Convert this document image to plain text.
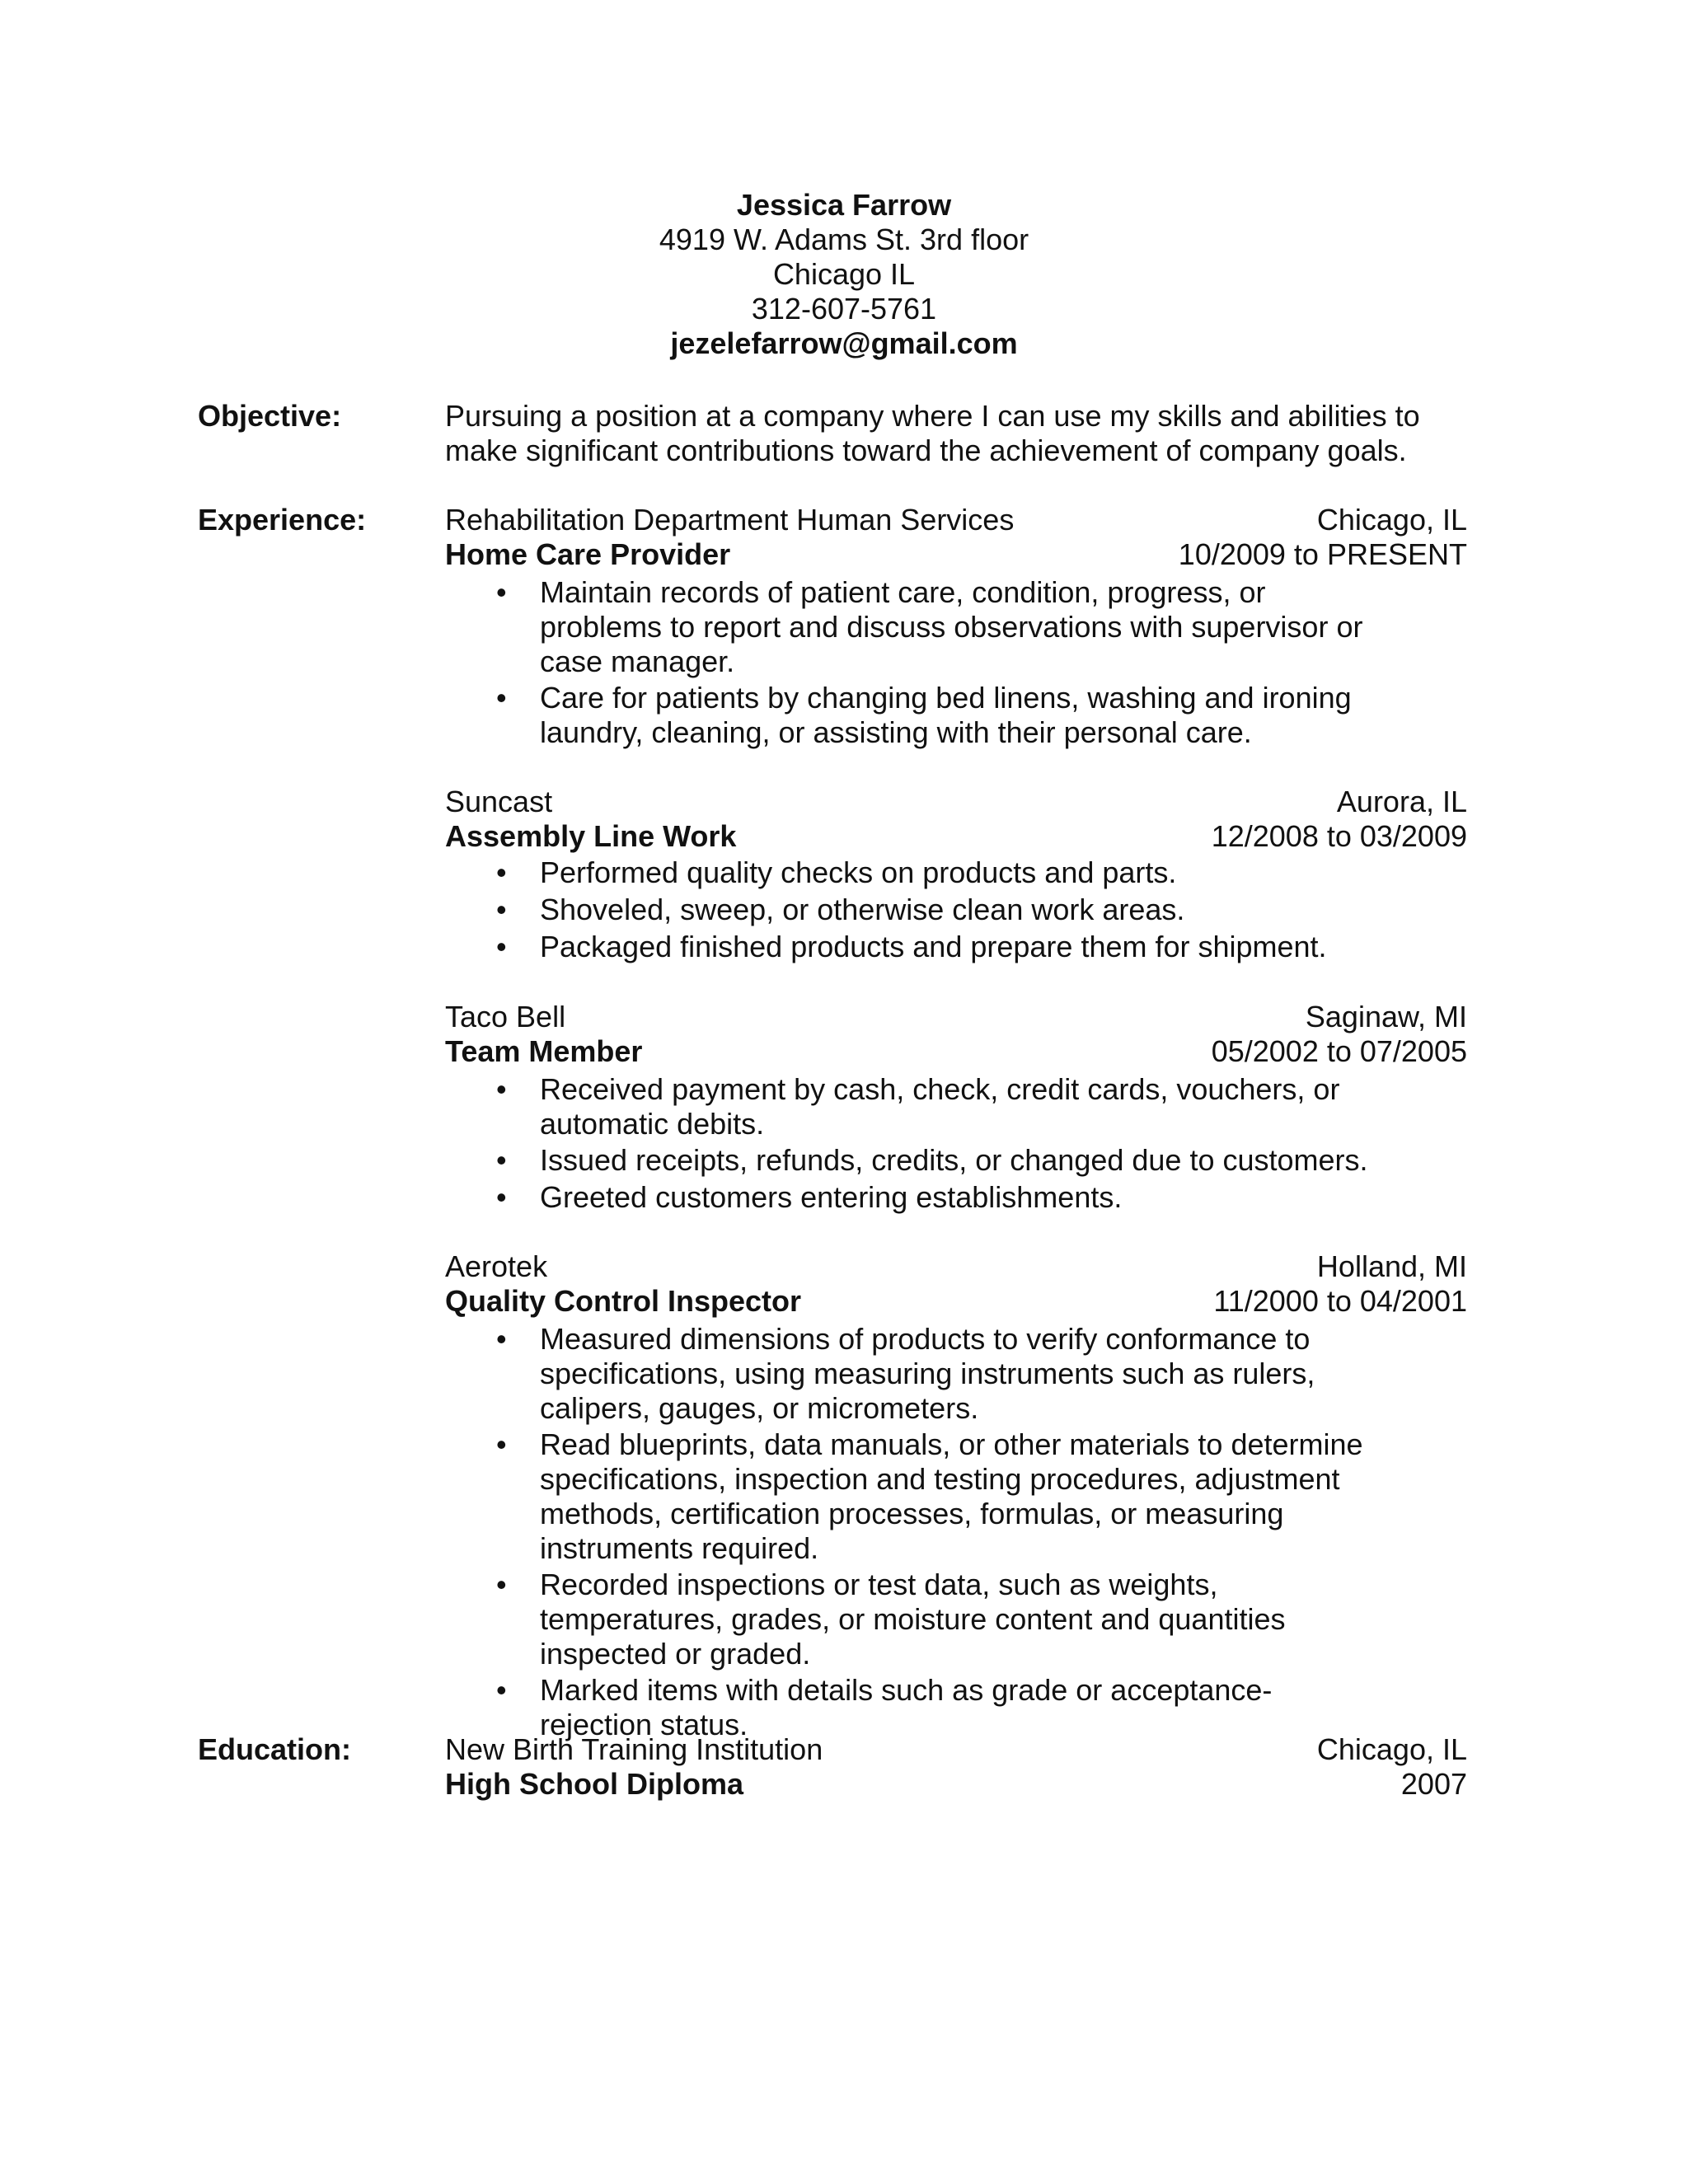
Jessica Farrow
4919 W. Adams St. 3rd floor
Chicago IL
312-607-5761
jezelefarrow@gmail.com
Objective:	Pursuing a position at a company where I can use my skills and abilities to make significant contributions toward the achievement of company goals.
Experience:	Rehabilitation Department Human Services	Chicago, IL
Home Care Provider	10/2009 to PRESENT
• Maintain records of patient care, condition, progress, or problems to report and discuss observations with supervisor or case manager.
• Care for patients by changing bed linens, washing and ironing laundry, cleaning, or assisting with their personal care.
Suncast	Aurora, IL
Assembly Line Work	12/2008 to 03/2009
• Performed quality checks on products and parts.
• Shoveled, sweep, or otherwise clean work areas.
• Packaged finished products and prepare them for shipment.
Taco Bell	Saginaw, MI
Team Member	05/2002 to 07/2005
• Received payment by cash, check, credit cards, vouchers, or automatic debits.
• Issued receipts, refunds, credits, or changed due to customers.
• Greeted customers entering establishments.
Aerotek	Holland, MI
Quality Control Inspector	11/2000 to 04/2001
• Measured dimensions of products to verify conformance to specifications, using measuring instruments such as rulers, calipers, gauges, or micrometers.
• Read blueprints, data manuals, or other materials to determine specifications, inspection and testing procedures, adjustment methods, certification processes, formulas, or measuring instruments required.
• Recorded inspections or test data, such as weights, temperatures, grades, or moisture content and quantities inspected or graded.
• Marked items with details such as grade or acceptance-rejection status.
Education:	New Birth Training Institution	Chicago, IL
High School Diploma	2007
